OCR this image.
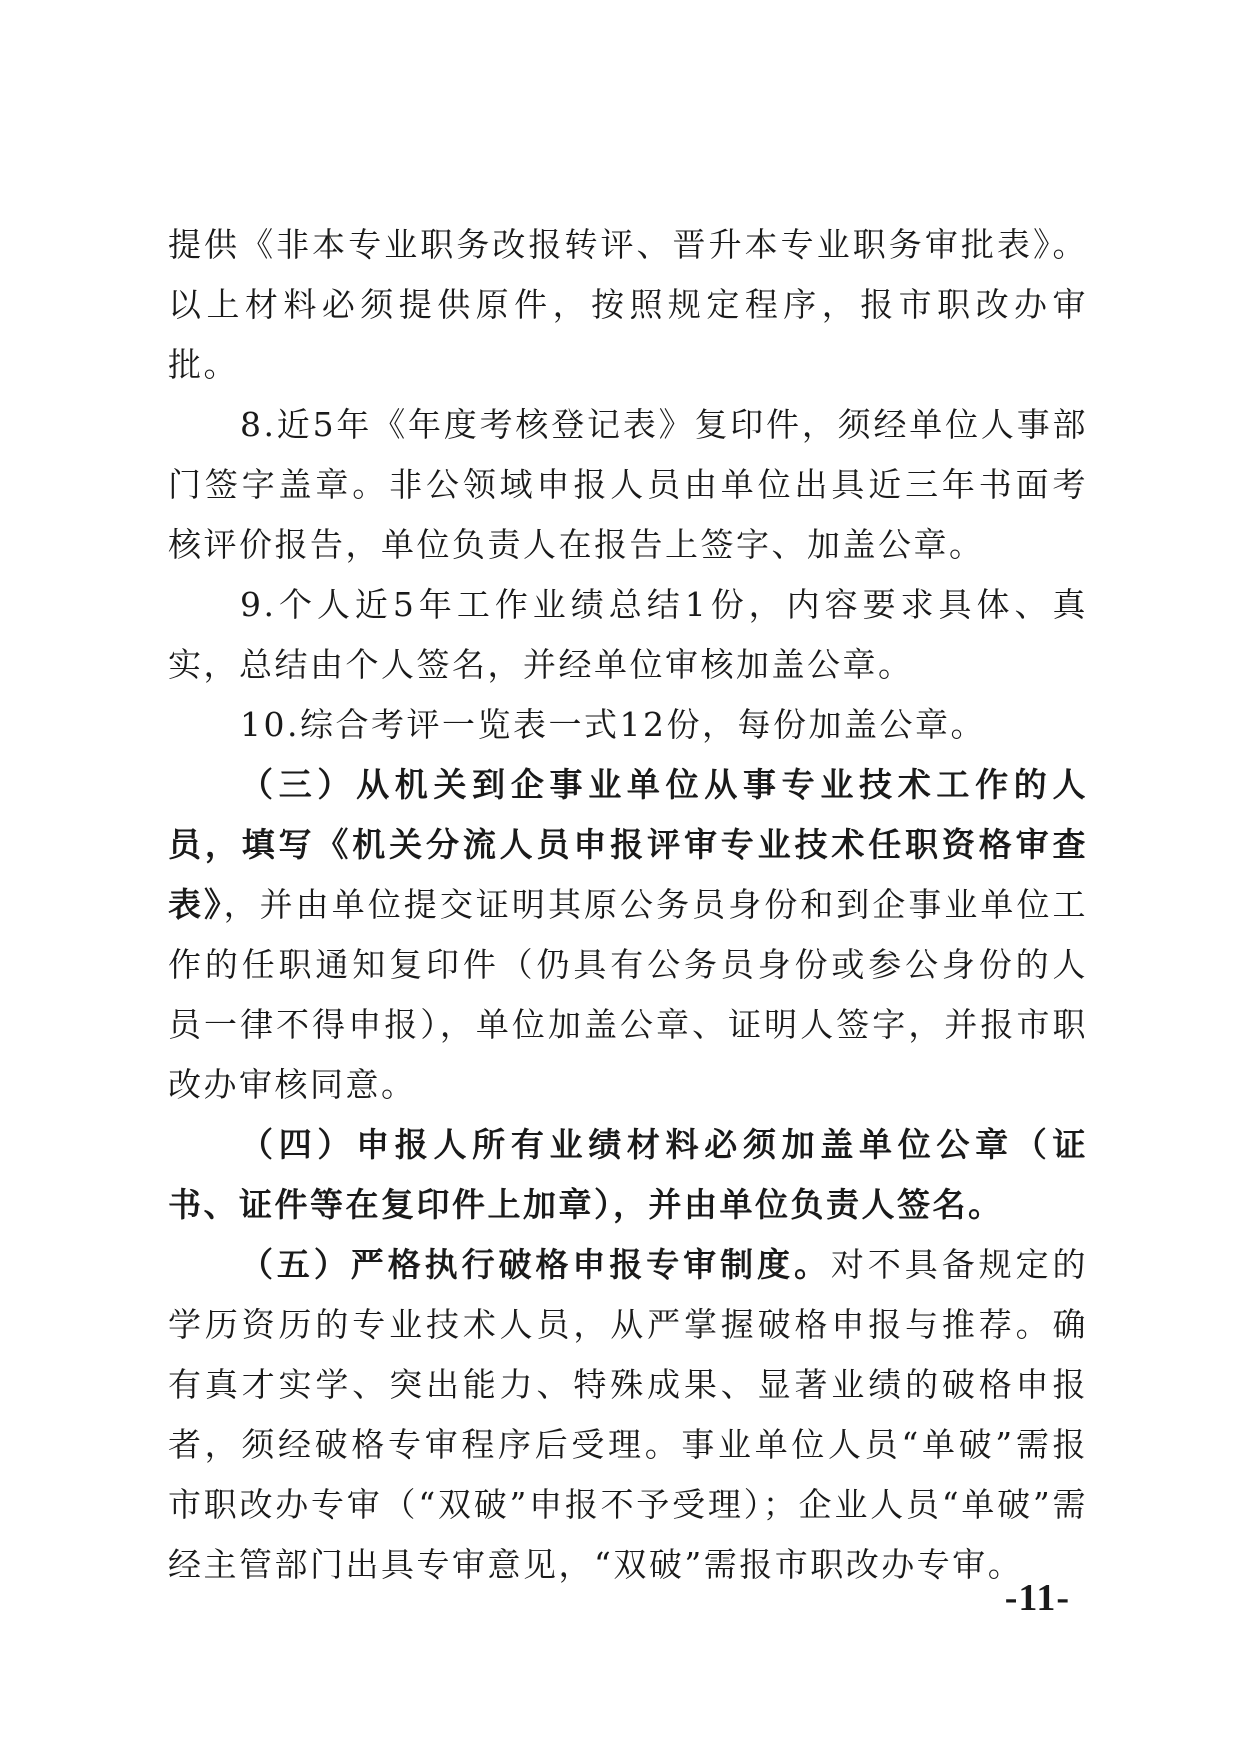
提供《非本专业职务改报转评、晋升本专业职务审批表》。以上材料必须提供原件，按照规定程序，报市职改办审批。

8.近5年《年度考核登记表》复印件，须经单位人事部门签字盖章。非公领域申报人员由单位出具近三年书面考核评价报告，单位负责人在报告上签字、加盖公章。

9.个人近5年工作业绩总结1份，内容要求具体、真实，总结由个人签名，并经单位审核加盖公章。

10.综合考评一览表一式12份，每份加盖公章。

（三）从机关到企事业单位从事专业技术工作的人员，填写《机关分流人员申报评审专业技术任职资格审查表》，并由单位提交证明其原公务员身份和到企事业单位工作的任职通知复印件（仍具有公务员身份或参公身份的人员一律不得申报），单位加盖公章、证明人签字，并报市职改办审核同意。

（四）申报人所有业绩材料必须加盖单位公章（证书、证件等在复印件上加章），并由单位负责人签名。

（五）严格执行破格申报专审制度。对不具备规定的学历资历的专业技术人员，从严掌握破格申报与推荐。确有真才实学、突出能力、特殊成果、显著业绩的破格申报者，须经破格专审程序后受理。事业单位人员“单破”需报市职改办专审（“双破”申报不予受理）；企业人员“单破”需经主管部门出具专审意见，“双破”需报市职改办专审。

-11-
